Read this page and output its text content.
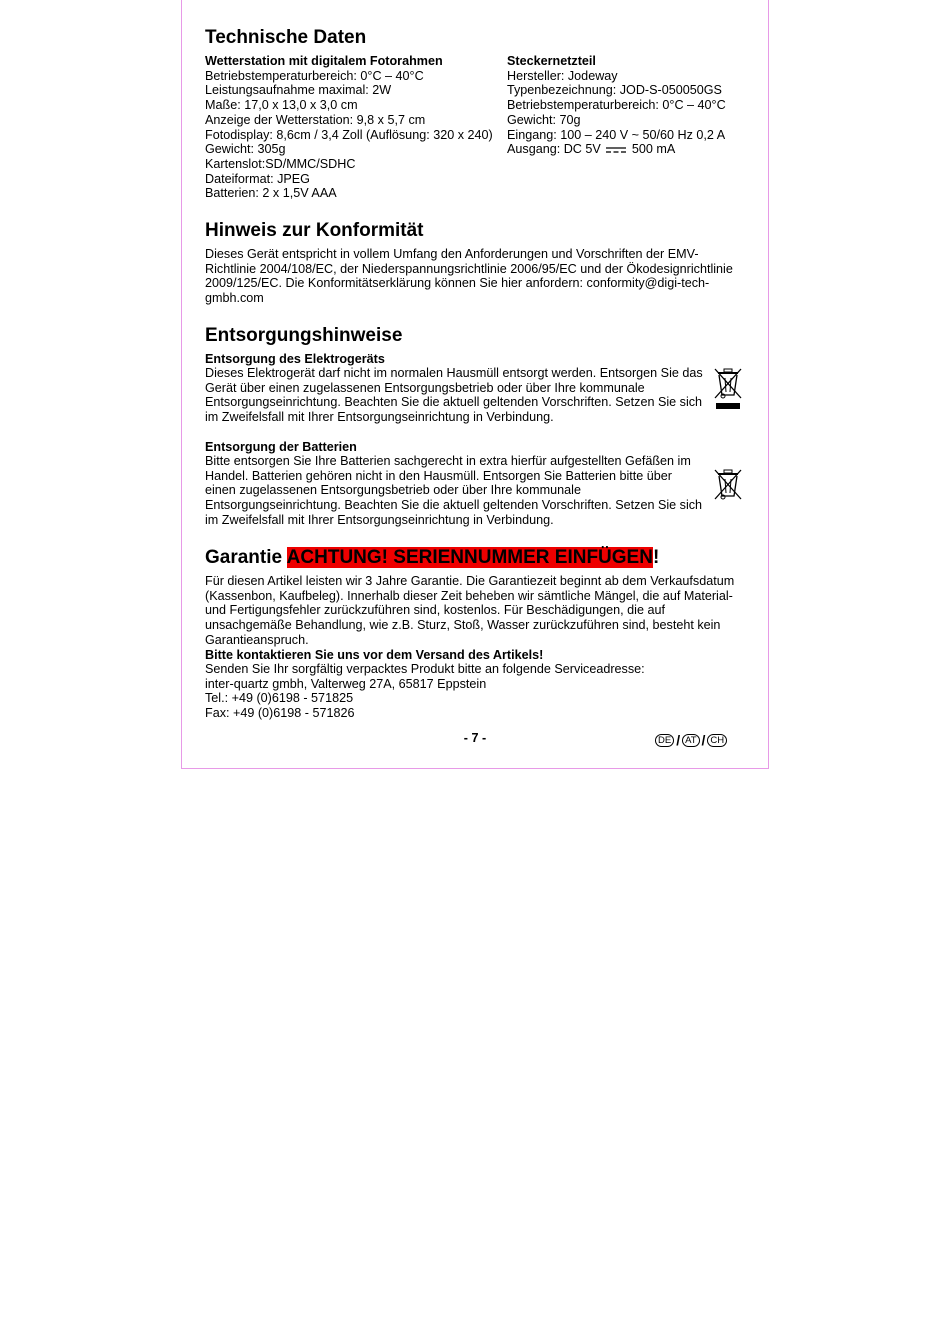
Technische Daten
Wetterstation mit digitalem Fotorahmen
Betriebstemperaturbereich: 0°C – 40°C
Leistungsaufnahme maximal: 2W
Maße: 17,0 x 13,0 x 3,0 cm
Anzeige der Wetterstation: 9,8 x 5,7 cm
Fotodisplay: 8,6cm / 3,4 Zoll (Auflösung: 320 x 240)
Gewicht: 305g
Kartenslot:SD/MMC/SDHC
Dateiformat: JPEG
Batterien: 2 x 1,5V AAA
Steckernetzteil
Hersteller: Jodeway
Typenbezeichnung: JOD-S-050050GS
Betriebstemperaturbereich: 0°C – 40°C
Gewicht: 70g
Eingang: 100 – 240 V ~ 50/60 Hz 0,2 A
Ausgang: DC 5V 500 mA
Hinweis zur Konformität
Dieses Gerät entspricht in vollem Umfang den Anforderungen und Vorschriften der EMV-Richtlinie 2004/108/EC, der Niederspannungsrichtlinie 2006/95/EC und der Ökodesignrichtlinie 2009/125/EC. Die Konformitätserklärung können Sie hier anfordern: conformity@digi-tech-gmbh.com
Entsorgungshinweise
Entsorgung des Elektrogeräts
Dieses Elektrogerät darf nicht im normalen Hausmüll entsorgt werden. Entsorgen Sie das Gerät über einen zugelassenen Entsorgungsbetrieb oder über Ihre kommunale Entsorgungseinrichtung. Beachten Sie die aktuell geltenden Vorschriften. Setzen Sie sich im Zweifelsfall mit Ihrer Entsorgungseinrichtung in Verbindung.
Entsorgung der Batterien
Bitte entsorgen Sie Ihre Batterien sachgerecht in extra hierfür aufgestellten Gefäßen im Handel. Batterien gehören nicht in den Hausmüll. Entsorgen Sie Batterien bitte über einen zugelassenen Entsorgungsbetrieb oder über Ihre kommunale Entsorgungseinrichtung. Beachten Sie die aktuell geltenden Vorschriften. Setzen Sie sich im Zweifelsfall mit Ihrer Entsorgungseinrichtung in Verbindung.
Garantie ACHTUNG! SERIENNUMMER EINFÜGEN!
Für diesen Artikel leisten wir 3 Jahre Garantie. Die Garantiezeit beginnt ab dem Verkaufsdatum (Kassenbon, Kaufbeleg). Innerhalb dieser Zeit beheben wir sämtliche Mängel, die auf Material- und Fertigungsfehler zurückzuführen sind, kostenlos. Für Beschädigungen, die auf unsachgemäße Behandlung, wie z.B. Sturz, Stoß, Wasser zurückzuführen sind, besteht kein Garantieanspruch.
Bitte kontaktieren Sie uns vor dem Versand des Artikels!
Senden Sie Ihr sorgfältig verpacktes Produkt bitte an folgende Serviceadresse:
inter-quartz gmbh, Valterweg 27A, 65817 Eppstein
Tel.: +49 (0)6198 - 571825
Fax: +49 (0)6198 - 571826
- 7 -	DE / AT / CH
